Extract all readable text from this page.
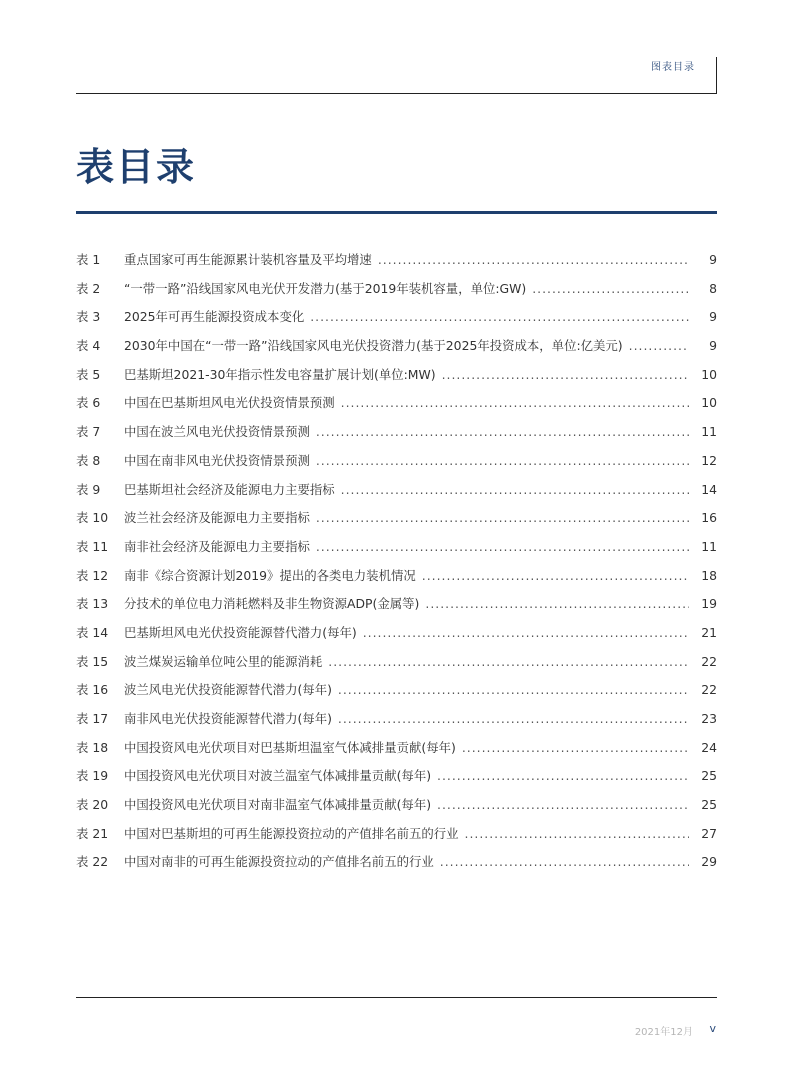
图表目录
表目录
表 1	重点国家可再生能源累计装机容量及平均增速 .....	9
表 2	“一带一路”沿线国家风电光伏开发潜力(基于2019年装机容量，单位:GW) .....	8
表 3	2025年可再生能源投资成本变化 .....	9
表 4	2030年中国在“一带一路”沿线国家风电光伏投资潜力(基于2025年投资成本，单位:亿美元) .....	9
表 5	巴基斯坦2021-30年指示性发电容量扩展计划(单位:MW) .....	10
表 6	中国在巴基斯坦风电光伏投资情景预测 .....	10
表 7	中国在波兰风电光伏投资情景预测 .....	11
表 8	中国在南非风电光伏投资情景预测 .....	12
表 9	巴基斯坦社会经济及能源电力主要指标 .....	14
表 10	波兰社会经济及能源电力主要指标 .....	16
表 11	南非社会经济及能源电力主要指标 .....	11
表 12	南非《综合资源计划2019》提出的各类电力装机情况 .....	18
表 13	分技术的单位电力消耗燃料及非生物资源ADP(金属等) .....	19
表 14	巴基斯坦风电光伏投资能源替代潜力(每年) .....	21
表 15	波兰煤炭运输单位吨公里的能源消耗 .....	22
表 16	波兰风电光伏投资能源替代潜力(每年) .....	22
表 17	南非风电光伏投资能源替代潜力(每年) .....	23
表 18	中国投资风电光伏项目对巴基斯坦温室气体减排量贡献(每年) .....	24
表 19	中国投资风电光伏项目对波兰温室气体减排量贡献(每年) .....	25
表 20	中国投资风电光伏项目对南非温室气体减排量贡献(每年) .....	25
表 21	中国对巴基斯坦的可再生能源投资拉动的产值排名前五的行业 .....	27
表 22	中国对南非的可再生能源投资拉动的产值排名前五的行业 .....	29
2021年12月 v
